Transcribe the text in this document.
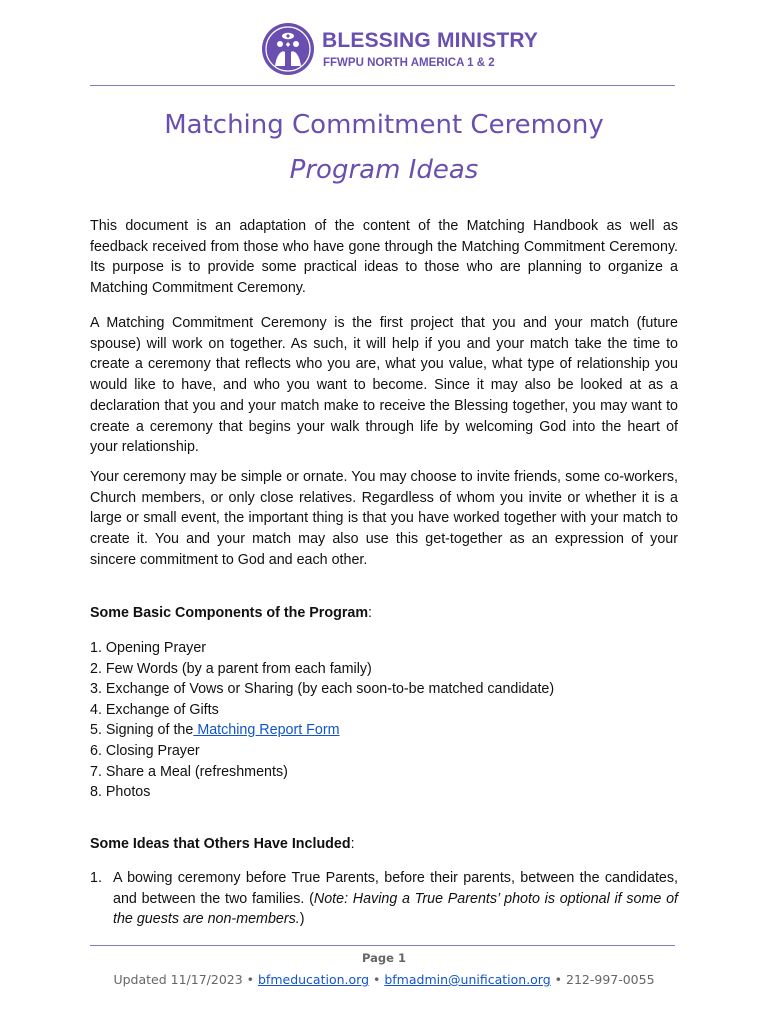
BLESSING MINISTRY
FFWPU NORTH AMERICA 1 & 2
Matching Commitment Ceremony
Program Ideas

This document is an adaptation of the content of the Matching Handbook as well as feedback received from those who have gone through the Matching Commitment Ceremony. Its purpose is to provide some practical ideas to those who are planning to organize a Matching Commitment Ceremony.

A Matching Commitment Ceremony is the first project that you and your match (future spouse) will work on together. As such, it will help if you and your match take the time to create a ceremony that reflects who you are, what you value, what type of relationship you would like to have, and who you want to become. Since it may also be looked at as a declaration that you and your match make to receive the Blessing together, you may want to create a ceremony that begins your walk through life by welcoming God into the heart of your relationship.

Your ceremony may be simple or ornate. You may choose to invite friends, some co-workers, Church members, or only close relatives. Regardless of whom you invite or whether it is a large or small event, the important thing is that you have worked together with your match to create it. You and your match may also use this get-together as an expression of your sincere commitment to God and each other.

Some Basic Components of the Program:
1. Opening Prayer
2. Few Words (by a parent from each family)
3. Exchange of Vows or Sharing (by each soon-to-be matched candidate)
4. Exchange of Gifts
5. Signing of the Matching Report Form
6. Closing Prayer
7. Share a Meal (refreshments)
8. Photos
Some Ideas that Others Have Included:
1. A bowing ceremony before True Parents, before their parents, between the candidates, and between the two families. (Note: Having a True Parents’ photo is optional if some of the guests are non-members.)
Page 1
Updated 11/17/2023 • bfmeducation.org • bfmadmin@unification.org • 212-997-0055
